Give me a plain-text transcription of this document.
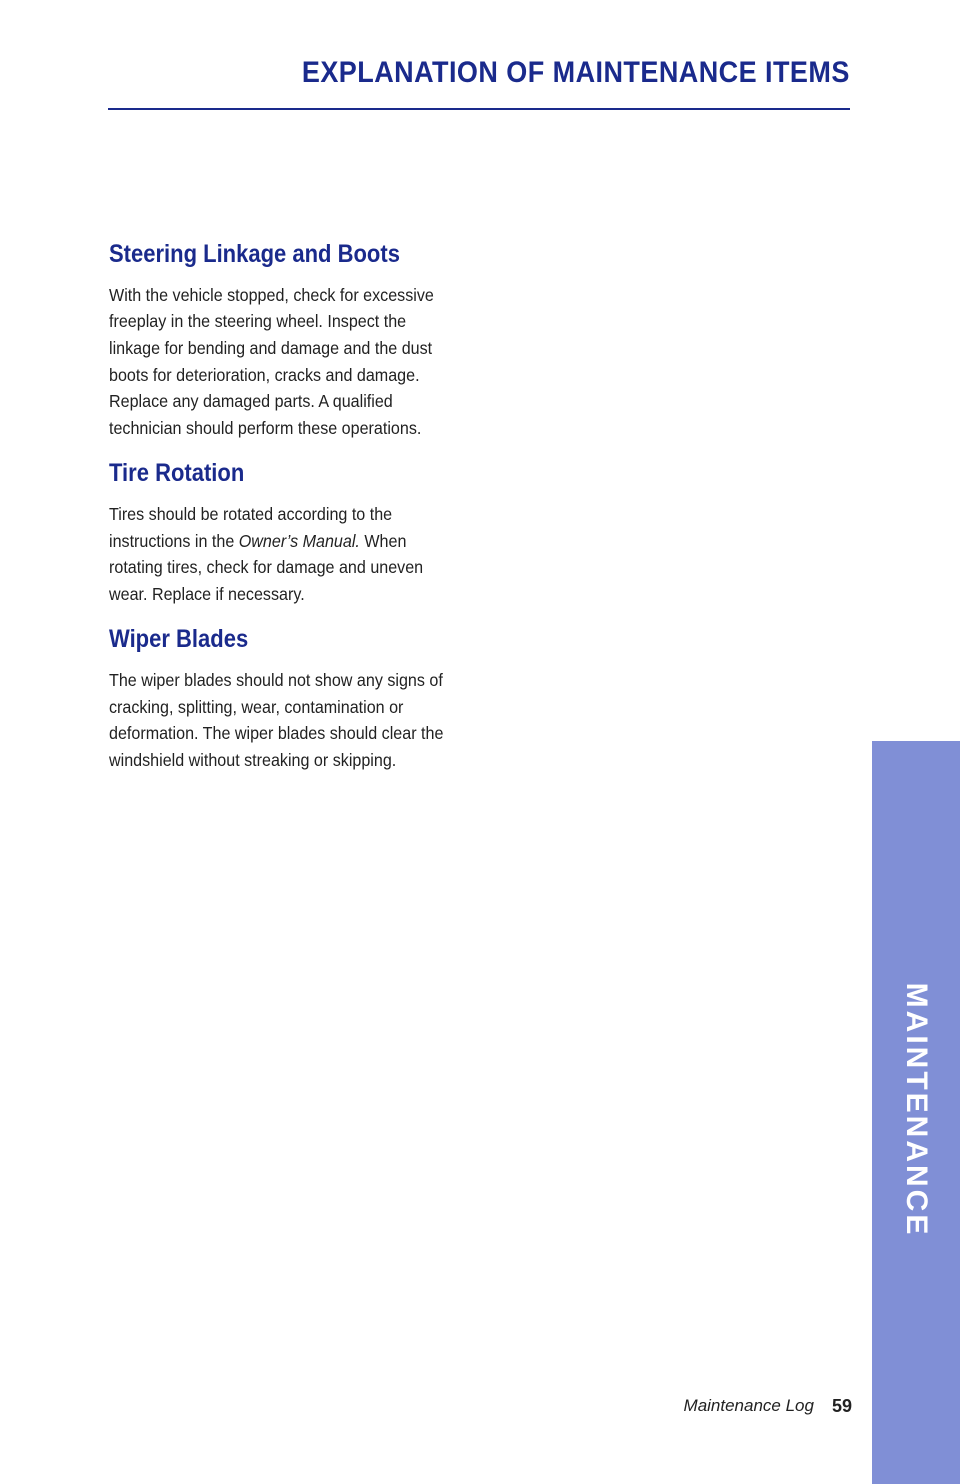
EXPLANATION OF MAINTENANCE ITEMS
Steering Linkage and Boots

With the vehicle stopped, check for excessive freeplay in the steering wheel. Inspect the linkage for bending and damage and the dust boots for deterioration, cracks and damage. Replace any damaged parts. A qualified technician should perform these operations.

Tire Rotation

Tires should be rotated according to the instructions in the Owner’s Manual. When rotating tires, check for damage and uneven wear. Replace if necessary.

Wiper Blades

The wiper blades should not show any signs of cracking, splitting, wear, contamination or deformation. The wiper blades should clear the windshield without streaking or skipping.

MAINTENANCE
Maintenance Log 59
